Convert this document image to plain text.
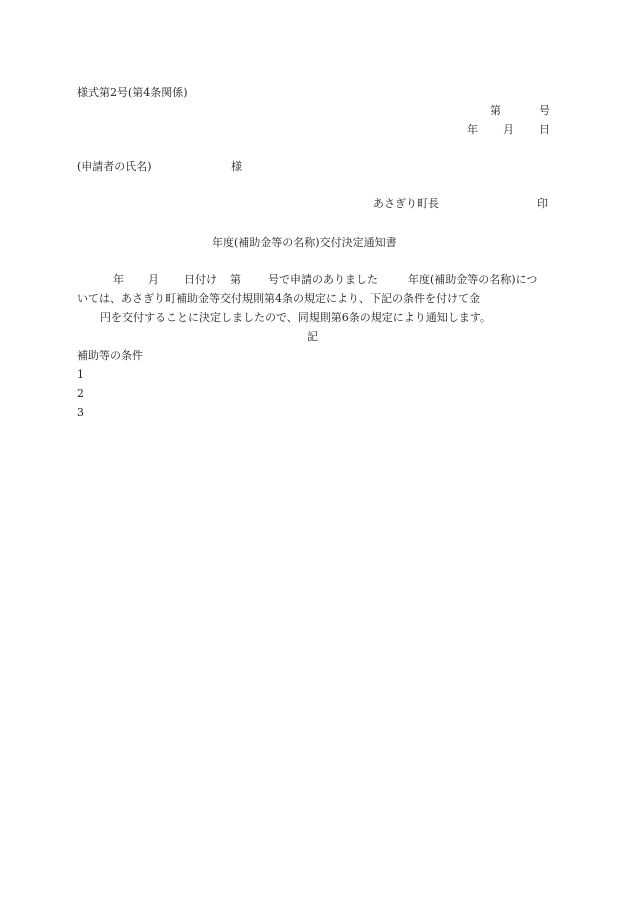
様式第2号(第4条関係)
第	号
年 月 日
(申請者の氏名)	様
あさぎり町長	印
年度(補助金等の名称)交付決定通知書
年 月 日付け 第 号で申請のありました	年度(補助金等の名称)につ
いては、あさぎり町補助金等交付規則第4条の規定により、下記の条件を付けて金
円を交付することに決定しましたので、同規則第6条の規定により通知します。
記
補助等の条件
1
2
3
